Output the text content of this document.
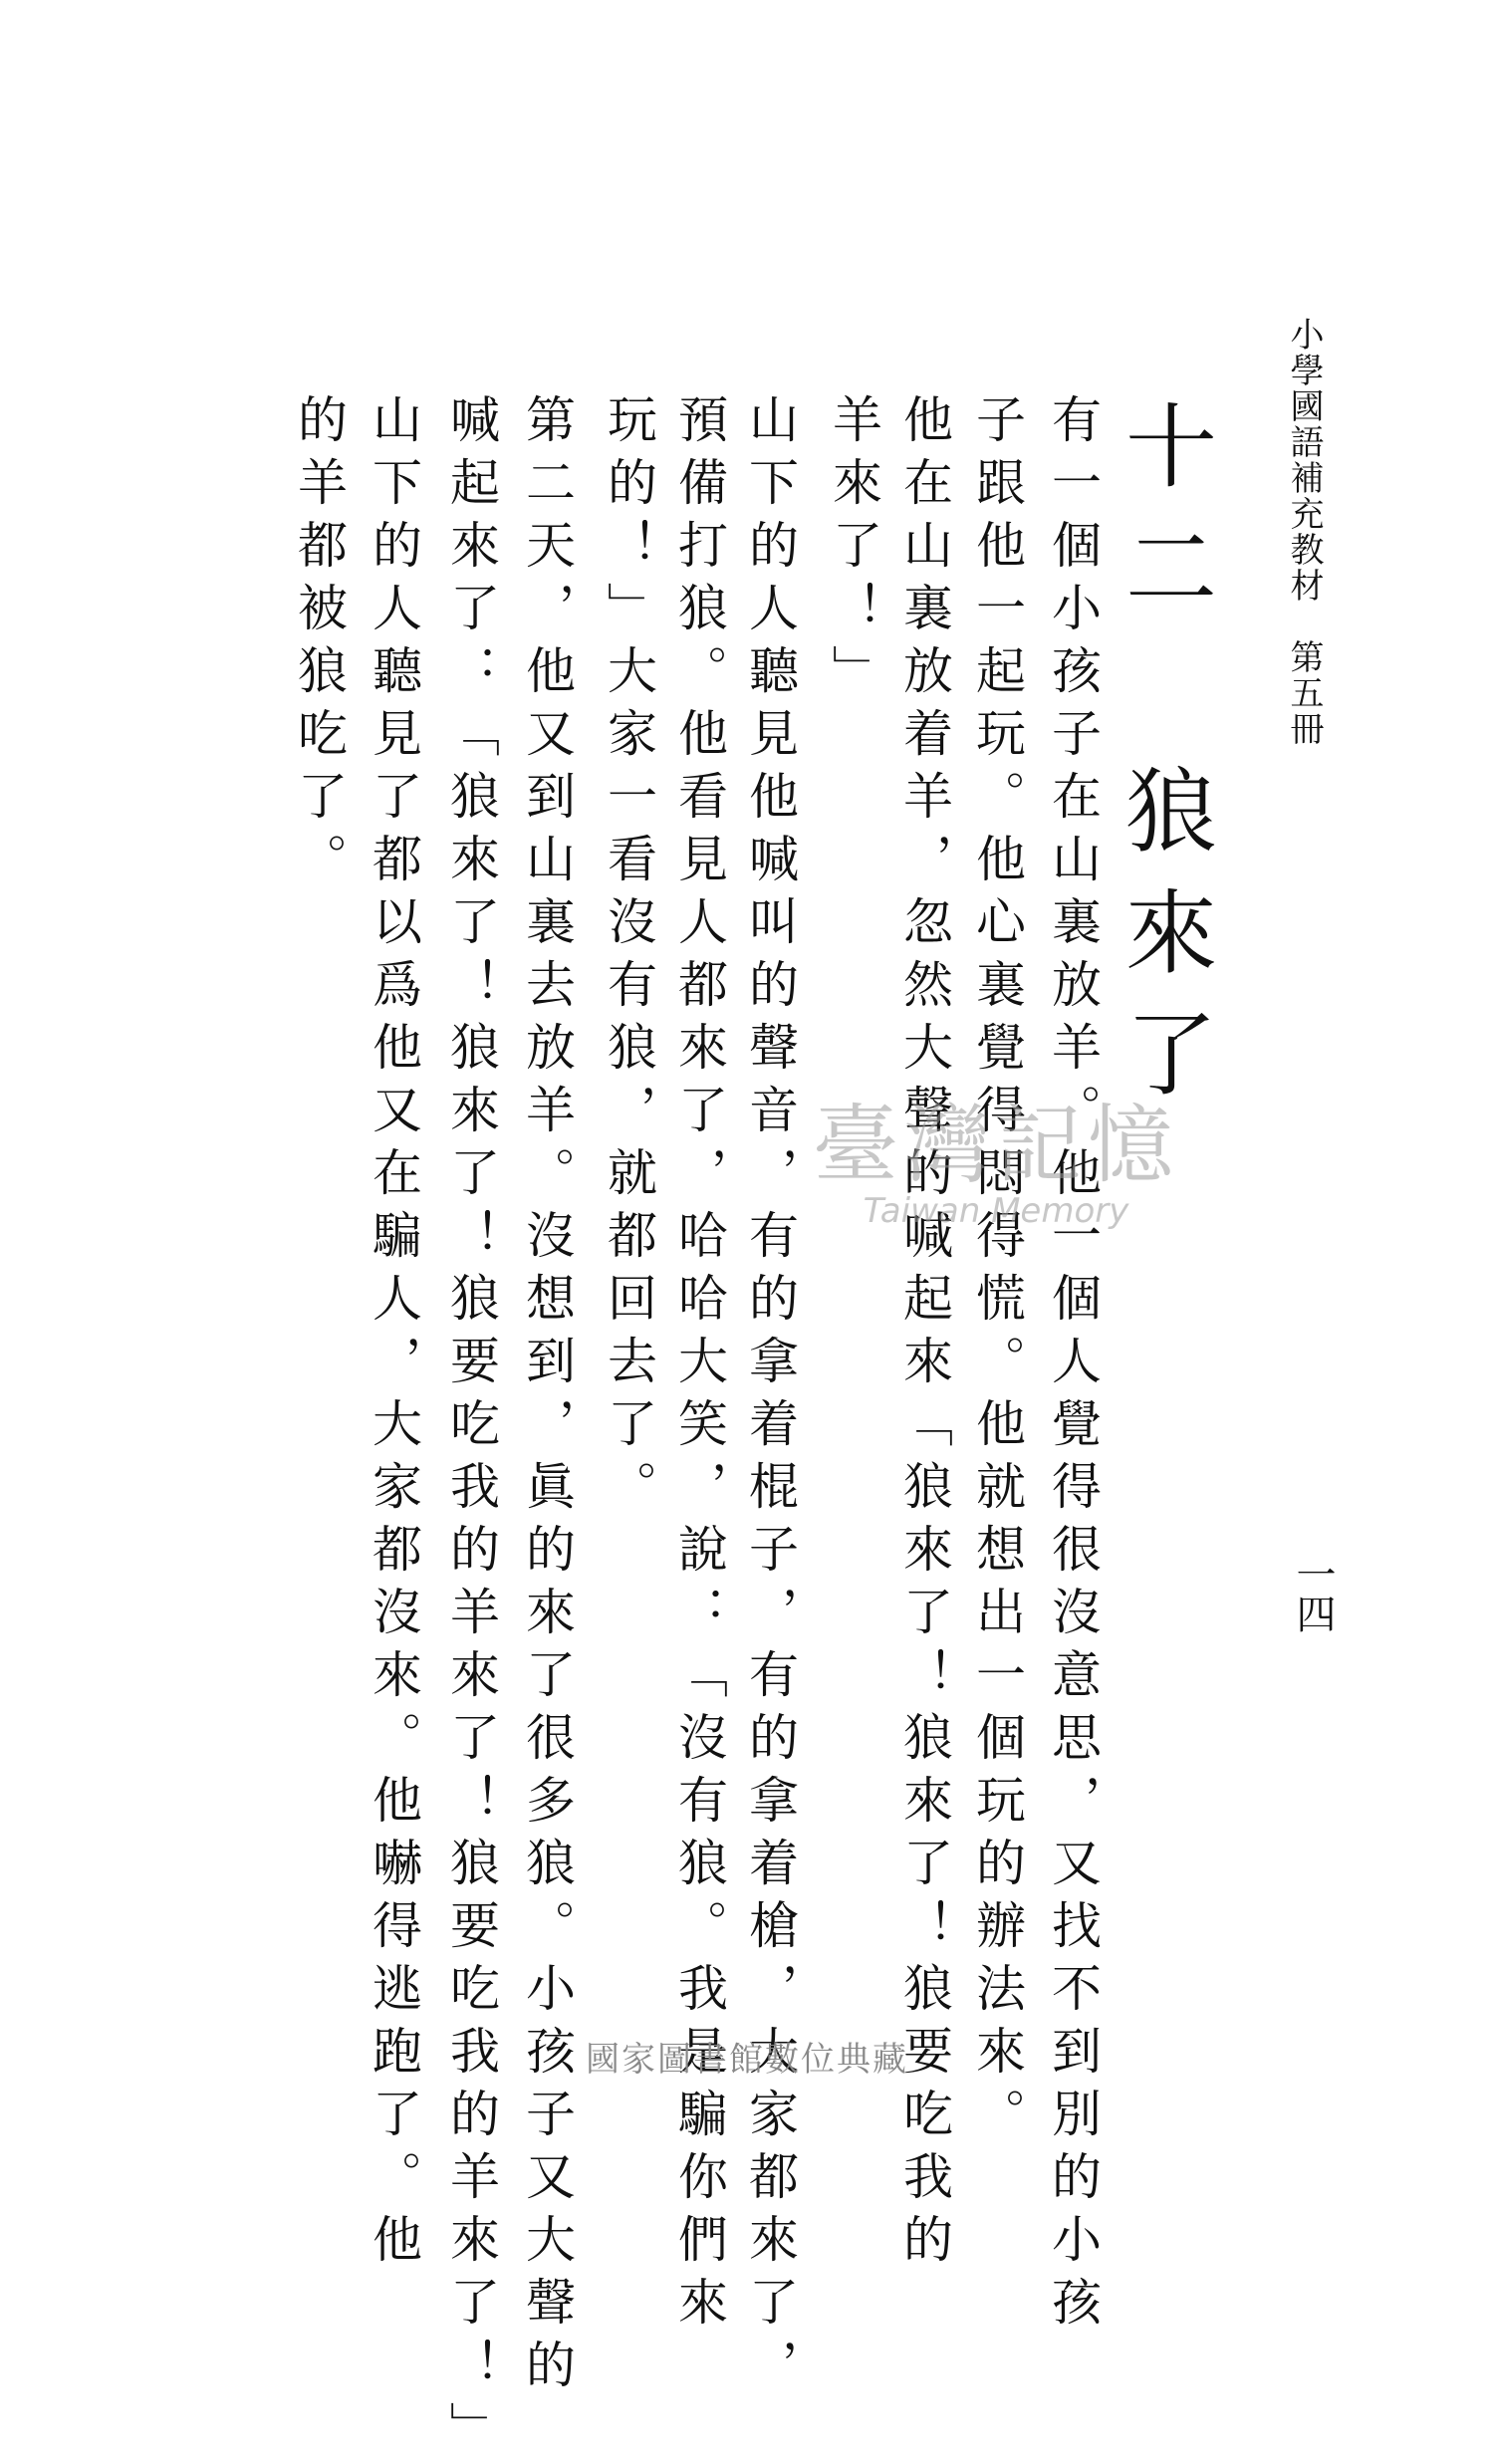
小學國語補充教材　第五冊
一四
十二　狼來了
有一個小孩子在山裏放羊。他一個人覺得很沒意思，又找不到別的小孩
子跟他一起玩。他心裏覺得悶得慌。他就想出一個玩的辦法來。
他在山裏放着羊，忽然大聲的喊起來「狼來了！狼來了！狼要吃我的
羊來了！」
山下的人聽見他喊叫的聲音，有的拿着棍子，有的拿着槍，大家都來了，
預備打狼。他看見人都來了，哈哈大笑，說：「沒有狼。我是騙你們來
玩的！」大家一看沒有狼，就都回去了。
第二天，他又到山裏去放羊。沒想到，眞的來了很多狼。小孩子又大聲的
喊起來了：「狼來了！狼來了！狼要吃我的羊來了！狼要吃我的羊來了！」
山下的人聽見了都以爲他又在騙人，大家都沒來。他嚇得逃跑了。他
的羊都被狼吃了。
臺灣記憶
Taiwan Memory
國家圖書館數位典藏
